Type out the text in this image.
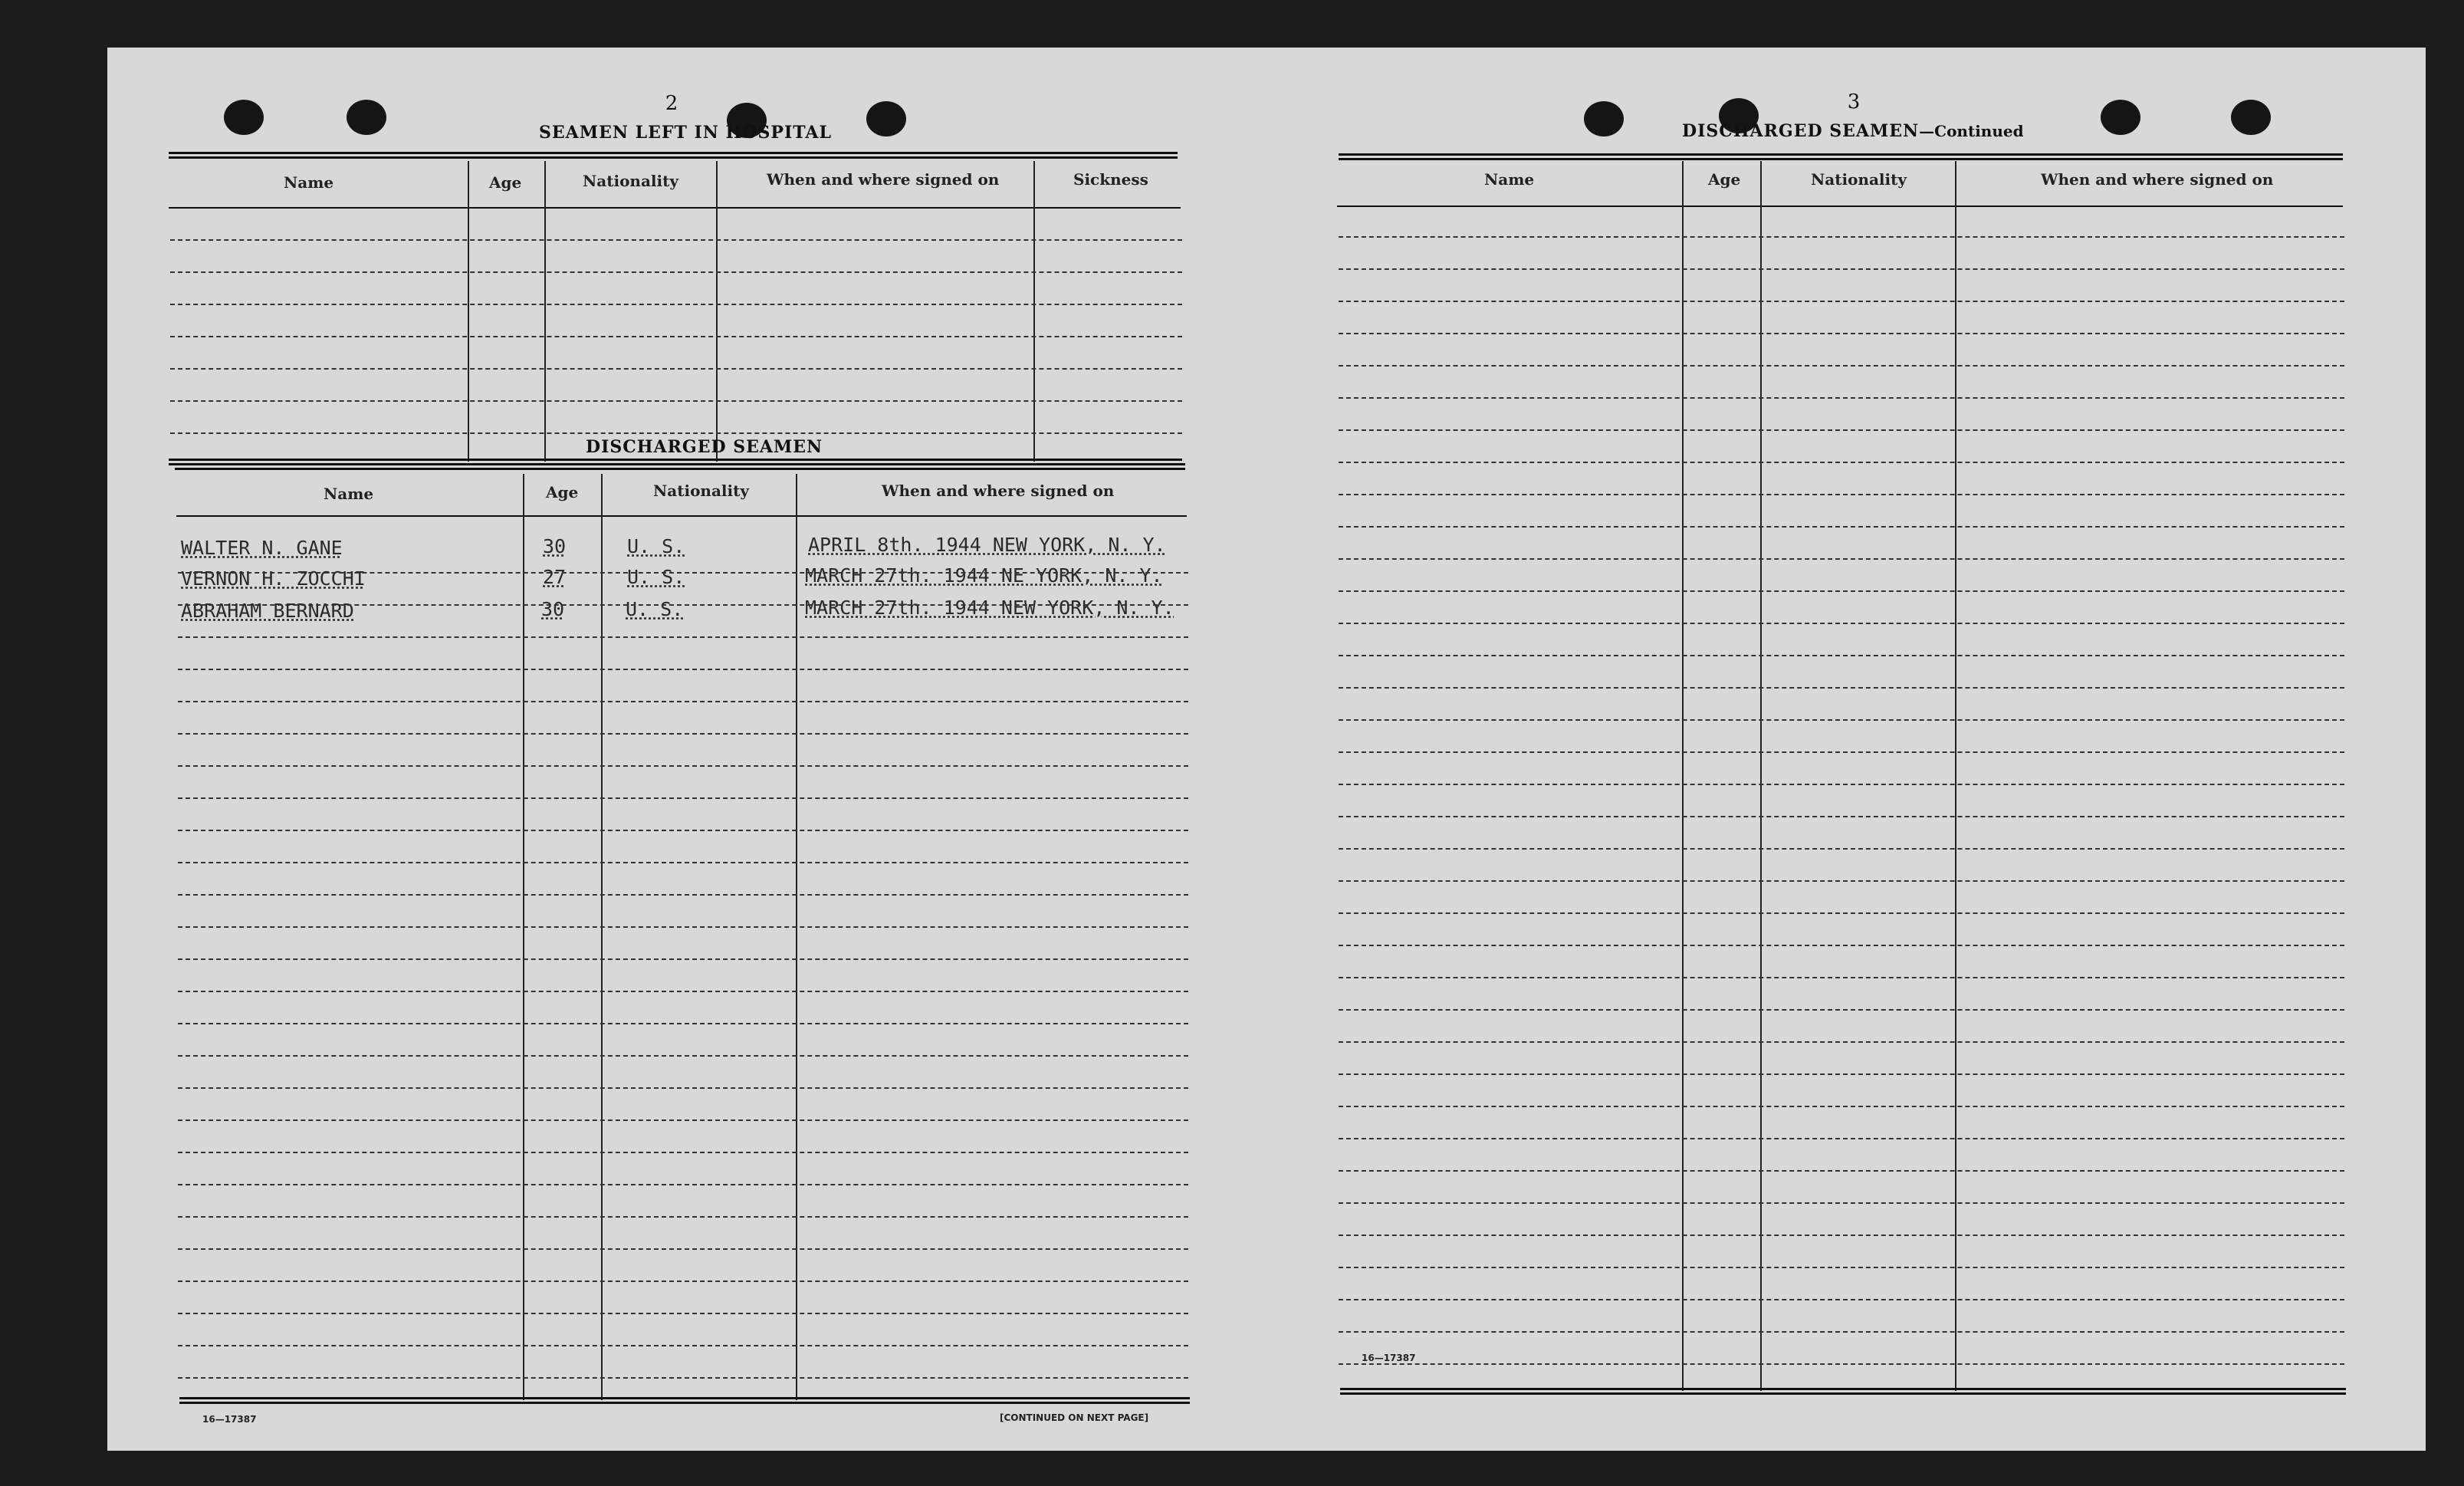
2
SEAMEN LEFT IN HOSPITAL
Name	Age	Nationality	When and where signed on	Sickness
DISCHARGED SEAMEN
Name	Age	Nationality	When and where signed on
WALTER N. GANE	30	U. S.	APRIL 8th. 1944 NEW YORK, N. Y.
VERNON H. ZOCCHI	27	U. S.	MARCH 27th. 1944 NE YORK, N. Y.
ABRAHAM BERNARD	30	U. S.	MARCH 27th. 1944 NEW YORK, N. Y.
16—17387	[CONTINUED ON NEXT PAGE]
3
DISCHARGED SEAMEN—Continued
Name	Age	Nationality	When and where signed on
16—17387
